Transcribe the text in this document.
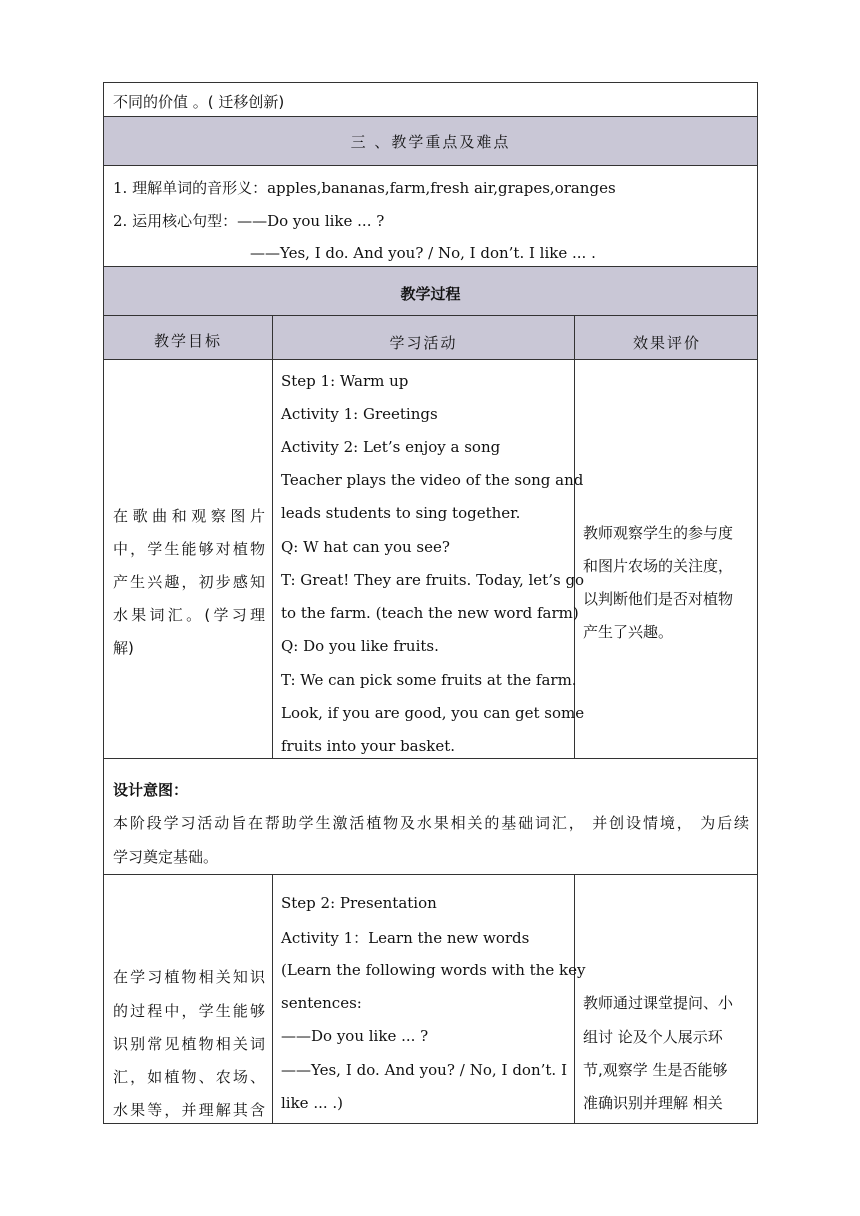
不同的价值 。( 迁移创新)
三 、教学重点及难点
1. 理解单词的音形义：apples,bananas,farm,fresh air,grapes,oranges
2. 运用核心句型：——Do you like ... ?
——Yes, I do. And you? / No, I don’t. I like ... .
教学过程
教学目标	学习活动	效果评价
在歌曲和观察图片
中，学生能够对植物
产生兴趣，初步感知
水果词汇。(学习理
解)
Step 1: Warm up
Activity 1: Greetings
Activity 2: Let’s enjoy a song
Teacher plays the video of the song and
leads students to sing together.
Q: W hat can you see?
T: Great! They are fruits. Today, let’s go
to the farm. (teach the new word farm)
Q: Do you like fruits.
T: We can pick some fruits at the farm.
Look, if you are good, you can get some
fruits into your basket.
教师观察学生的参与度
和图片农场的关注度，
以判断他们是否对植物
产生了兴趣。
设计意图：
本阶段学习活动旨在帮助学生激活植物及水果相关的基础词汇， 并创设情境， 为后续
学习奠定基础。
在学习植物相关知识
的过程中，学生能够
识别常见植物相关词
汇，如植物、农场、
水果等，并理解其含
Step 2: Presentation
Activity 1：Learn the new words
(Learn the following words with the key
sentences:
——Do you like ... ?
——Yes, I do. And you? / No, I don’t. I
like ... .)
教师通过课堂提问、小
组讨 论及个人展示环
节,观察学 生是否能够
准确识别并理解 相关
